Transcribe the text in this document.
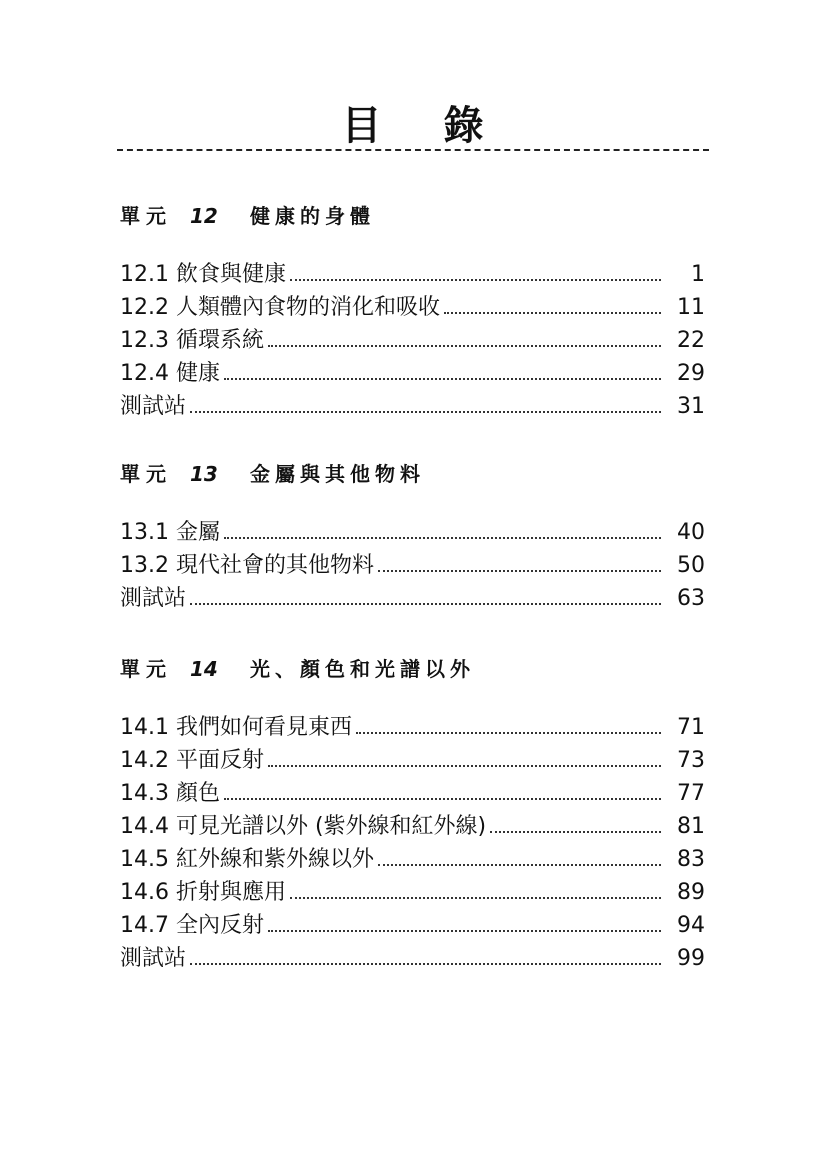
目 錄
單元 12	健康的身體
12.1 飲食與健康	1
12.2 人類體內食物的消化和吸收	11
12.3 循環系統	22
12.4 健康	29
測試站	31
單元 13	金屬與其他物料
13.1 金屬	40
13.2 現代社會的其他物料	50
測試站	63
單元 14	光、顏色和光譜以外
14.1 我們如何看見東西	71
14.2 平面反射	73
14.3 顏色	77
14.4 可見光譜以外 (紫外線和紅外線)	81
14.5 紅外線和紫外線以外	83
14.6 折射與應用	89
14.7 全內反射	94
測試站	99
